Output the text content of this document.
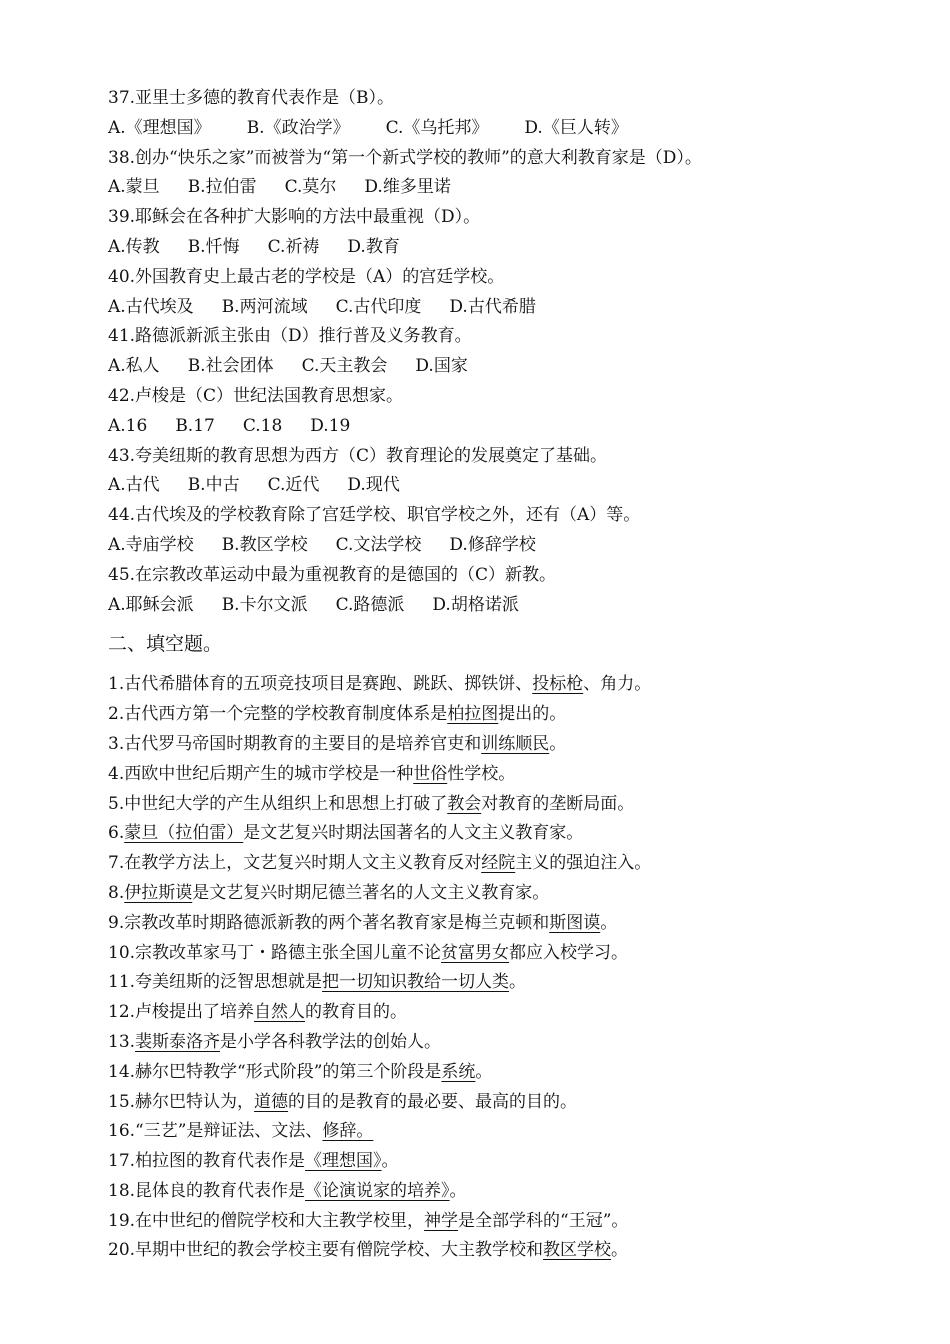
37.亚里士多德的教育代表作是（B）。
A.《理想国》 B.《政治学》 C.《乌托邦》 D.《巨人转》
38.创办“快乐之家”而被誉为“第一个新式学校的教师”的意大利教育家是（D）。
A.蒙旦 B.拉伯雷 C.莫尔 D.维多里诺
39.耶稣会在各种扩大影响的方法中最重视（D）。
A.传教 B.忏悔 C.祈祷 D.教育
40.外国教育史上最古老的学校是（A）的宫廷学校。
A.古代埃及 B.两河流域 C.古代印度 D.古代希腊
41.路德派新派主张由（D）推行普及义务教育。
A.私人 B.社会团体 C.天主教会 D.国家
42.卢梭是（C）世纪法国教育思想家。
A.16 B.17 C.18 D.19
43.夸美纽斯的教育思想为西方（C）教育理论的发展奠定了基础。
A.古代 B.中古 C.近代 D.现代
44.古代埃及的学校教育除了宫廷学校、职官学校之外，还有（A）等。
A.寺庙学校 B.教区学校 C.文法学校 D.修辞学校
45.在宗教改革运动中最为重视教育的是德国的（C）新教。
A.耶稣会派 B.卡尔文派 C.路德派 D.胡格诺派
二、填空题。
1.古代希腊体育的五项竞技项目是赛跑、跳跃、掷铁饼、投标枪、角力。
2.古代西方第一个完整的学校教育制度体系是柏拉图提出的。
3.古代罗马帝国时期教育的主要目的是培养官吏和训练顺民。
4.西欧中世纪后期产生的城市学校是一种世俗性学校。
5.中世纪大学的产生从组织上和思想上打破了教会对教育的垄断局面。
6.蒙旦（拉伯雷）是文艺复兴时期法国著名的人文主义教育家。
7.在教学方法上，文艺复兴时期人文主义教育反对经院主义的强迫注入。
8.伊拉斯谟是文艺复兴时期尼德兰著名的人文主义教育家。
9.宗教改革时期路德派新教的两个著名教育家是梅兰克顿和斯图谟。
10.宗教改革家马丁・路德主张全国儿童不论贫富男女都应入校学习。
11.夸美纽斯的泛智思想就是把一切知识教给一切人类。
12.卢梭提出了培养自然人的教育目的。
13.裴斯泰洛齐是小学各科教学法的创始人。
14.赫尔巴特教学“形式阶段”的第三个阶段是系统。
15.赫尔巴特认为，道德的目的是教育的最必要、最高的目的。
16.“三艺”是辩证法、文法、修辞。
17.柏拉图的教育代表作是《理想国》。
18.昆体良的教育代表作是《论演说家的培养》。
19.在中世纪的僧院学校和大主教学校里，神学是全部学科的“王冠”。
20.早期中世纪的教会学校主要有僧院学校、大主教学校和教区学校。
